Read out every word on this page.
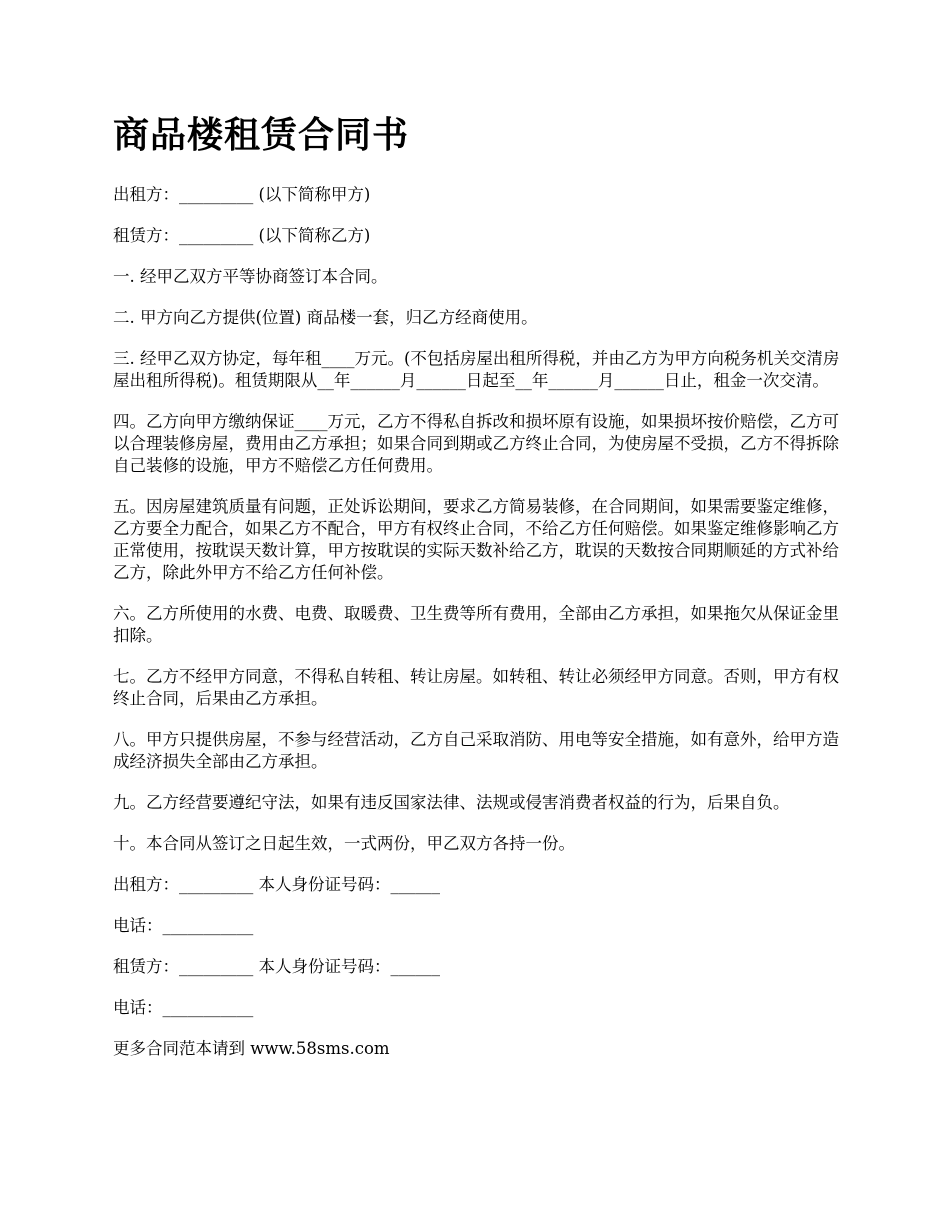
商品楼租赁合同书
出租方：_________ (以下简称甲方)
租赁方：_________ (以下简称乙方)
一. 经甲乙双方平等协商签订本合同。
二. 甲方向乙方提供(位置) 商品楼一套，归乙方经商使用。
三. 经甲乙双方协定，每年租____万元。(不包括房屋出租所得税，并由乙方为甲方向税务机关交清房屋出租所得税)。租赁期限从__年______月______日起至__年______月______日止，租金一次交清。
四。乙方向甲方缴纳保证____万元，乙方不得私自拆改和损坏原有设施，如果损坏按价赔偿，乙方可以合理装修房屋，费用由乙方承担；如果合同到期或乙方终止合同，为使房屋不受损，乙方不得拆除自己装修的设施，甲方不赔偿乙方任何费用。
五。因房屋建筑质量有问题，正处诉讼期间，要求乙方简易装修，在合同期间，如果需要鉴定维修，乙方要全力配合，如果乙方不配合，甲方有权终止合同，不给乙方任何赔偿。如果鉴定维修影响乙方正常使用，按耽误天数计算，甲方按耽误的实际天数补给乙方，耽误的天数按合同期顺延的方式补给乙方，除此外甲方不给乙方任何补偿。
六。乙方所使用的水费、电费、取暖费、卫生费等所有费用，全部由乙方承担，如果拖欠从保证金里扣除。
七。乙方不经甲方同意，不得私自转租、转让房屋。如转租、转让必须经甲方同意。否则，甲方有权终止合同，后果由乙方承担。
八。甲方只提供房屋，不参与经营活动，乙方自己采取消防、用电等安全措施，如有意外，给甲方造成经济损失全部由乙方承担。
九。乙方经营要遵纪守法，如果有违反国家法律、法规或侵害消费者权益的行为，后果自负。
十。本合同从签订之日起生效，一式两份，甲乙双方各持一份。
出租方：_________ 本人身份证号码：______
电话：___________
租赁方：_________ 本人身份证号码：______
电话：___________
更多合同范本请到 www.58sms.com
